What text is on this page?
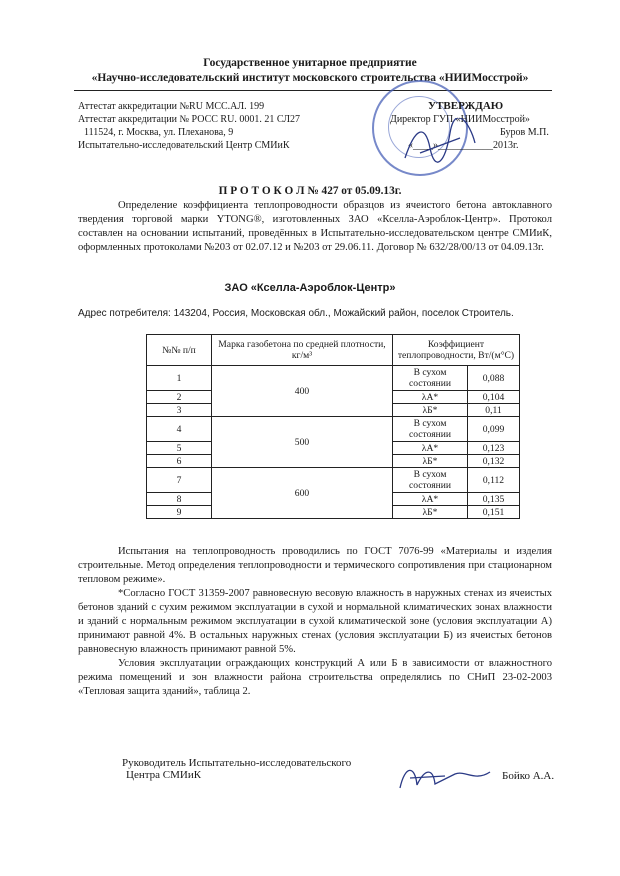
Государственное унитарное предприятие
«Научно-исследовательский институт московского строительства «НИИМосстрой»
Аттестат аккредитации №RU МСС.АЛ. 199
Аттестат аккредитации № РОСС RU. 0001. 21 СЛ27
111524, г. Москва, ул. Плеханова, 9
Испытательно-исследовательский Центр СМИиК
УТВЕРЖДАЮ
Директор ГУП «НИИМосстрой»
Буров М.П.
«____»___________2013г.
П Р О Т О К О Л № 427 от 05.09.13г.
Определение коэффициента теплопроводности образцов из ячеистого бетона автоклавного твердения торговой марки YTONG®, изготовленных ЗАО «Кселла-Аэроблок-Центр». Протокол составлен на основании испытаний, проведённых в Испытательно-исследовательском центре СМИиК, оформленных протоколами №203 от 02.07.12 и №203 от 29.06.11. Договор № 632/28/00/13 от 04.09.13г.
ЗАО «Кселла-Аэроблок-Центр»
Адрес потребителя: 143204, Россия, Московская обл., Можайский район, поселок Строитель.
№№ п/п	Марка газобетона по средней плотности, кг/м³	Коэффициент теплопроводности, Вт/(м°С)	
1	400	В сухом состоянии	0,088
2		λА*	0,104
3		λБ*	0,11
4	500	В сухом состоянии	0,099
5		λА*	0,123
6		λБ*	0,132
7	600	В сухом состоянии	0,112
8		λА*	0,135
9		λБ*	0,151
Испытания на теплопроводность проводились по ГОСТ 7076-99 «Материалы и изделия строительные. Метод определения теплопроводности и термического сопротивления при стационарном тепловом режиме».
*Согласно ГОСТ 31359-2007 равновесную весовую влажность в наружных стенах из ячеистых бетонов зданий с сухим режимом эксплуатации в сухой и нормальной климатических зонах влажности и зданий с нормальным режимом эксплуатации в сухой климатической зоне (условия эксплуатации А) принимают равной 4%. В остальных наружных стенах (условия эксплуатации Б) из ячеистых бетонов равновесную влажность принимают равной 5%.
Условия эксплуатации ограждающих конструкций А или Б в зависимости от влажностного режима помещений и зон влажности района строительства определялись по СНиП 23-02-2003 «Тепловая защита зданий», таблица 2.
Руководитель Испытательно-исследовательского
Центра СМИиК	Бойко А.А.
